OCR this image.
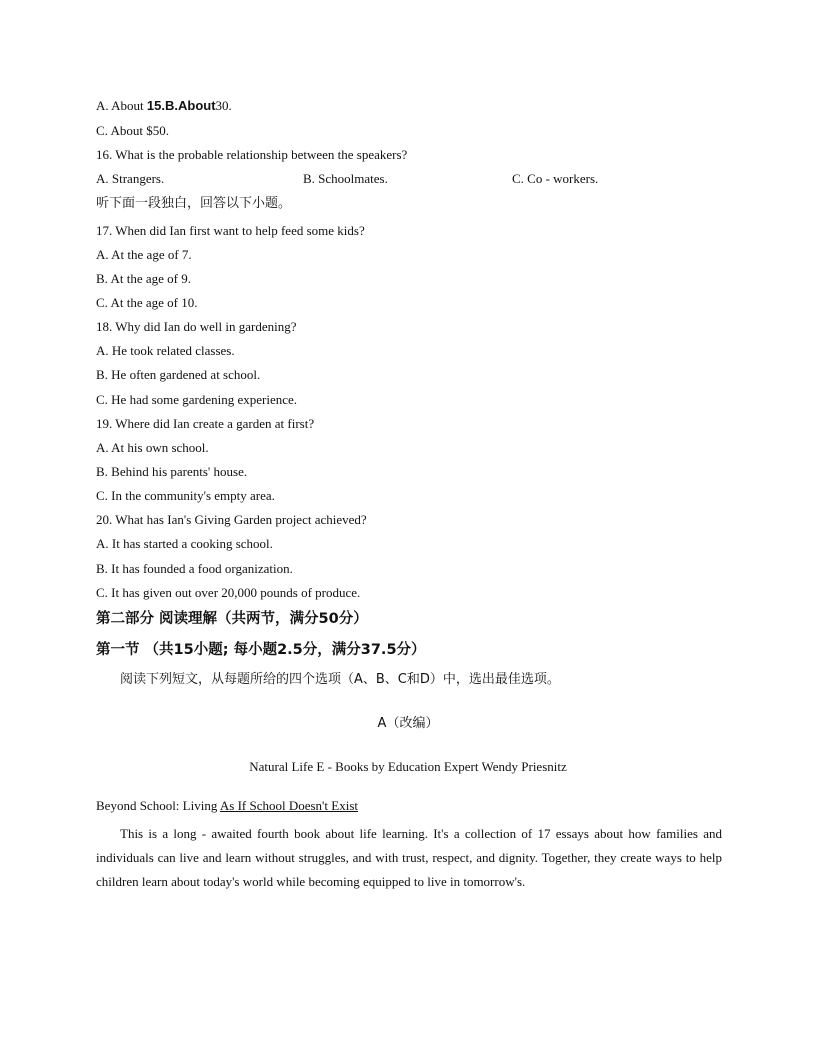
A. About 15.B.About30.
C. About $50.
16. What is the probable relationship between the speakers?
A. Strangers.	B. Schoolmates.	C. Co - workers.
听下面一段独白，回答以下小题。
17. When did Ian first want to help feed some kids?
A. At the age of 7.
B. At the age of 9.
C. At the age of 10.
18. Why did Ian do well in gardening?
A. He took related classes.
B. He often gardened at school.
C. He had some gardening experience.
19. Where did Ian create a garden at first?
A. At his own school.
B. Behind his parents' house.
C. In the community's empty area.
20. What has Ian's Giving Garden project achieved?
A. It has started a cooking school.
B. It has founded a food organization.
C. It has given out over 20,000 pounds of produce.
第二部分 阅读理解（共两节，满分50分）
第一节 （共15小题; 每小题2.5分，满分37.5分）
阅读下列短文，从每题所给的四个选项（A、B、C和D）中，选出最佳选项。
A（改编）
Natural Life E - Books by Education Expert Wendy Priesnitz
Beyond School: Living As If School Doesn't Exist
This is a long - awaited fourth book about life learning. It's a collection of 17 essays about how families and individuals can live and learn without struggles, and with trust, respect, and dignity. Together, they create ways to help children learn about today's world while becoming equipped to live in tomorrow's.
